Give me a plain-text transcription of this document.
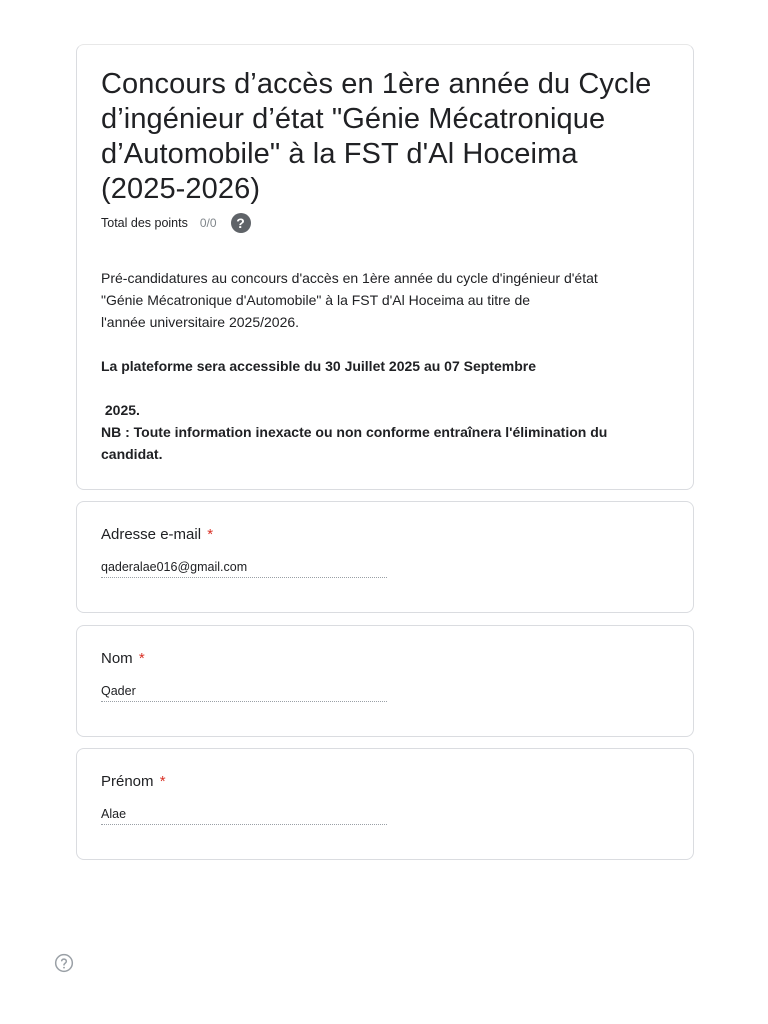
Concours d’accès en 1ère année du Cycle d’ingénieur d’état "Génie Mécatronique d’Automobile" à la FST d'Al Hoceima (2025-2026)
Total des points 0/0	?

Pré-candidatures au concours d'accès en 1ère année du cycle d'ingénieur d'état

"Génie Mécatronique d'Automobile" à la FST d'Al Hoceima au titre de

l'année universitaire 2025/2026.

La plateforme sera accessible du 30 Juillet 2025 au 07 Septembre

2025.

NB : Toute information inexacte ou non conforme entraînera l'élimination du

candidat.

Adresse e-mail *
qaderalae016@gmail.com
Nom *
Qader
Prénom *
Alae
